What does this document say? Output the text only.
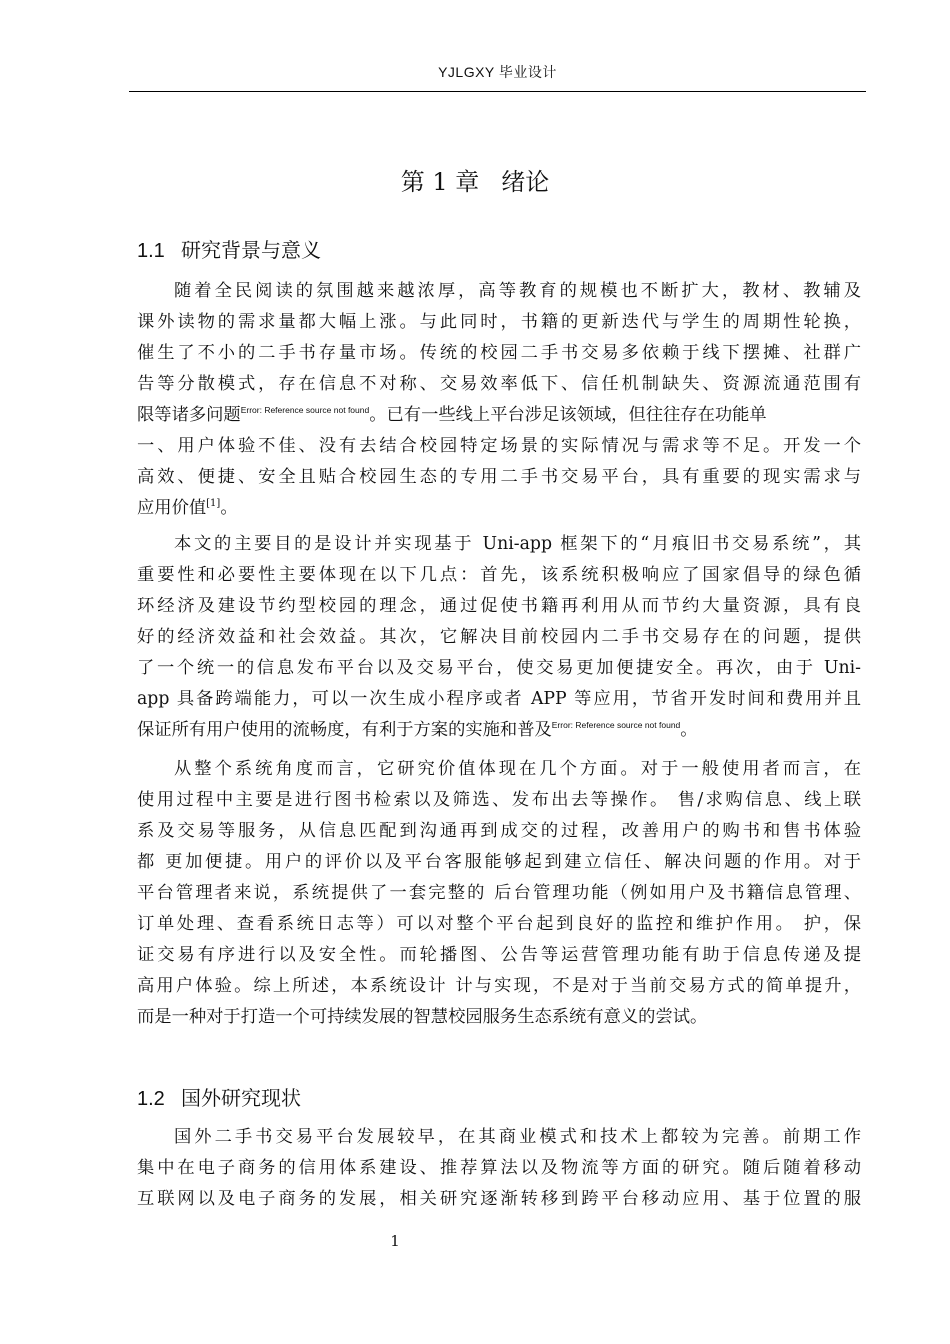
YJLGXY 毕业设计
第 1 章 绪论
1.1 研究背景与意义
随着全民阅读的氛围越来越浓厚，高等教育的规模也不断扩大，教材、教辅及
课外读物的需求量都大幅上涨。与此同时，书籍的更新迭代与学生的周期性轮换，
催生了不小的二手书存量市场。传统的校园二手书交易多依赖于线下摆摊、社群广
告等分散模式，存在信息不对称、交易效率低下、信任机制缺失、资源流通范围有
限等诸多问题$^{Error: Reference source not found}$。已有一些线上平台涉足该领域，但往往存在功能单
一、用户体验不佳、没有去结合校园特定场景的实际情况与需求等不足。开发一个
高效、便捷、安全且贴合校园生态的专用二手书交易平台，具有重要的现实需求与
应用价值[1]。
本文的主要目的是设计并实现基于 Uni-app 框架下的“月痕旧书交易系统”，其
重要性和必要性主要体现在以下几点：首先，该系统积极响应了国家倡导的绿色循
环经济及建设节约型校园的理念，通过促使书籍再利用从而节约大量资源，具有良
好的经济效益和社会效益。其次，它解决目前校园内二手书交易存在的问题，提供
了一个统一的信息发布平台以及交易平台，使交易更加便捷安全。再次，由于 Uni-
app 具备跨端能力，可以一次生成小程序或者 APP 等应用，节省开发时间和费用并且
保证所有用户使用的流畅度，有利于方案的实施和普及$^{Error: Reference source not found}$。
从整个系统角度而言，它研究价值体现在几个方面。对于一般使用者而言，在
使用过程中主要是进行图书检索以及筛选、发布出去等操作。 售/求购信息、线上联
系及交易等服务，从信息匹配到沟通再到成交的过程，改善用户的购书和售书体验
都 更加便捷。用户的评价以及平台客服能够起到建立信任、解决问题的作用。对于
平台管理者来说，系统提供了一套完整的 后台管理功能（例如用户及书籍信息管理、
订单处理、查看系统日志等）可以对整个平台起到良好的监控和维护作用。 护，保
证交易有序进行以及安全性。而轮播图、公告等运营管理功能有助于信息传递及提
高用户体验。综上所述，本系统设计 计与实现，不是对于当前交易方式的简单提升，
而是一种对于打造一个可持续发展的智慧校园服务生态系统有意义的尝试。
1.2 国外研究现状
国外二手书交易平台发展较早，在其商业模式和技术上都较为完善。前期工作
集中在电子商务的信用体系建设、推荐算法以及物流等方面的研究。随后随着移动
互联网以及电子商务的发展，相关研究逐渐转移到跨平台移动应用、基于位置的服
1
